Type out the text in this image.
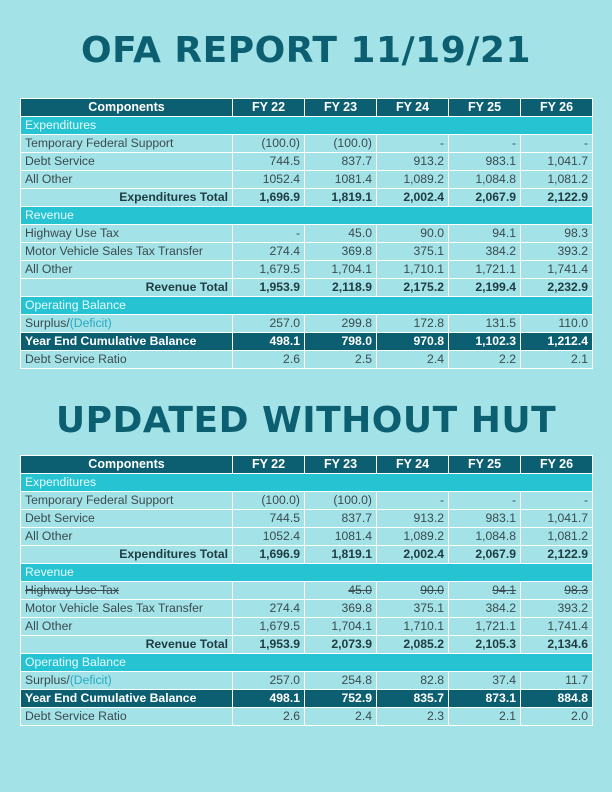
OFA REPORT 11/19/21
Components	FY 22	FY 23	FY 24	FY 25	FY 26
Expenditures					
Temporary Federal Support	(100.0)	(100.0)	-	-	-
Debt Service	744.5	837.7	913.2	983.1	1,041.7
All Other	1052.4	1081.4	1,089.2	1,084.8	1,081.2
Expenditures Total	1,696.9	1,819.1	2,002.4	2,067.9	2,122.9
Revenue					
Highway Use Tax	-	45.0	90.0	94.1	98.3
Motor Vehicle Sales Tax Transfer	274.4	369.8	375.1	384.2	393.2
All Other	1,679.5	1,704.1	1,710.1	1,721.1	1,741.4
Revenue Total	1,953.9	2,118.9	2,175.2	2,199.4	2,232.9
Operating Balance					
Surplus/(Deficit)	257.0	299.8	172.8	131.5	110.0
Year End Cumulative Balance	498.1	798.0	970.8	1,102.3	1,212.4
Debt Service Ratio	2.6	2.5	2.4	2.2	2.1
UPDATED WITHOUT HUT
Components	FY 22	FY 23	FY 24	FY 25	FY 26
Expenditures					
Temporary Federal Support	(100.0)	(100.0)	-	-	-
Debt Service	744.5	837.7	913.2	983.1	1,041.7
All Other	1052.4	1081.4	1,089.2	1,084.8	1,081.2
Expenditures Total	1,696.9	1,819.1	2,002.4	2,067.9	2,122.9
Revenue					
Highway Use Tax		45.0	90.0	94.1	98.3
Motor Vehicle Sales Tax Transfer	274.4	369.8	375.1	384.2	393.2
All Other	1,679.5	1,704.1	1,710.1	1,721.1	1,741.4
Revenue Total	1,953.9	2,073.9	2,085.2	2,105.3	2,134.6
Operating Balance					
Surplus/(Deficit)	257.0	254.8	82.8	37.4	11.7
Year End Cumulative Balance	498.1	752.9	835.7	873.1	884.8
Debt Service Ratio	2.6	2.4	2.3	2.1	2.0
